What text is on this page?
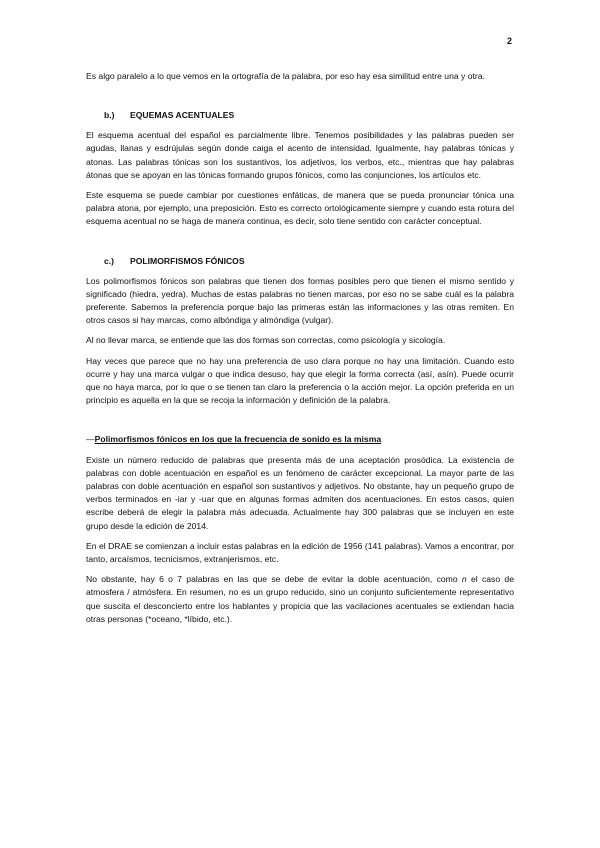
2

Es algo paralelo a lo que vemos en la ortografía de la palabra, por eso hay esa similitud entre una y otra.

b.) EQUEMAS ACENTUALES

El esquema acentual del español es parcialmente libre. Tenemos posibilidades y las palabras pueden ser agudas, llanas y esdrújulas según donde caiga el acento de intensidad. Igualmente, hay palabras tónicas y atonas. Las palabras tónicas son los sustantivos, los adjetivos, los verbos, etc., mientras que hay palabras átonas que se apoyan en las tónicas formando grupos fónicos, como las conjunciones, los artículos etc.

Este esquema se puede cambiar por cuestiones enfáticas, de manera que se pueda pronunciar tónica una palabra atona, por ejemplo, una preposición. Esto es correcto ortológicamente siempre y cuando esta rotura del esquema acentual no se haga de manera continua, es decir, solo tiene sentido con carácter conceptual.

c.) POLIMORFISMOS FÓNICOS

Los polimorfismos fónicos son palabras que tienen dos formas posibles pero que tienen el mismo sentido y significado (hiedra, yedra). Muchas de estas palabras no tienen marcas, por eso no se sabe cuál es la palabra preferente. Sabemos la preferencia porque bajo las primeras están las informaciones y las otras remiten. En otros casos si hay marcas, como albóndiga y almóndiga (vulgar).

Al no llevar marca, se entiende que las dos formas son correctas, como psicología y sicología.

Hay veces que parece que no hay una preferencia de uso clara porque no hay una limitación. Cuando esto ocurre y hay una marca vulgar o que indica desuso, hay que elegir la forma correcta (así, asín). Puede ocurrir que no haya marca, por lo que o se tienen tan claro la preferencia o la acción mejor. La opción preferida en un principio es aquella en la que se recoja la información y definición de la palabra.

—Polimorfismos fónicos en los que la frecuencia de sonido es la misma

Existe un número reducido de palabras que presenta más de una aceptación prosódica. La existencia de palabras con doble acentuación en español es un fenómeno de carácter excepcional. La mayor parte de las palabras con doble acentuación en español son sustantivos y adjetivos. No obstante, hay un pequeño grupo de verbos terminados en -iar y -uar que en algunas formas admiten dos acentuaciones. En estos casos, quien escribe deberá de elegir la palabra más adecuada. Actualmente hay 300 palabras que se incluyen en este grupo desde la edición de 2014.

En el DRAE se comienzan a incluir estas palabras en la edición de 1956 (141 palabras). Vamos a encontrar, por tanto, arcaísmos, tecnicismos, extranjerismos, etc.

No obstante, hay 6 o 7 palabras en las que se debe de evitar la doble acentuación, como n el caso de atmosfera / atmósfera. En resumen, no es un grupo reducido, sino un conjunto suficientemente representativo que suscita el desconcierto entre los hablantes y propicia que las vacilaciones acentuales se extiendan hacia otras personas (*oceano, *líbido, etc.).
